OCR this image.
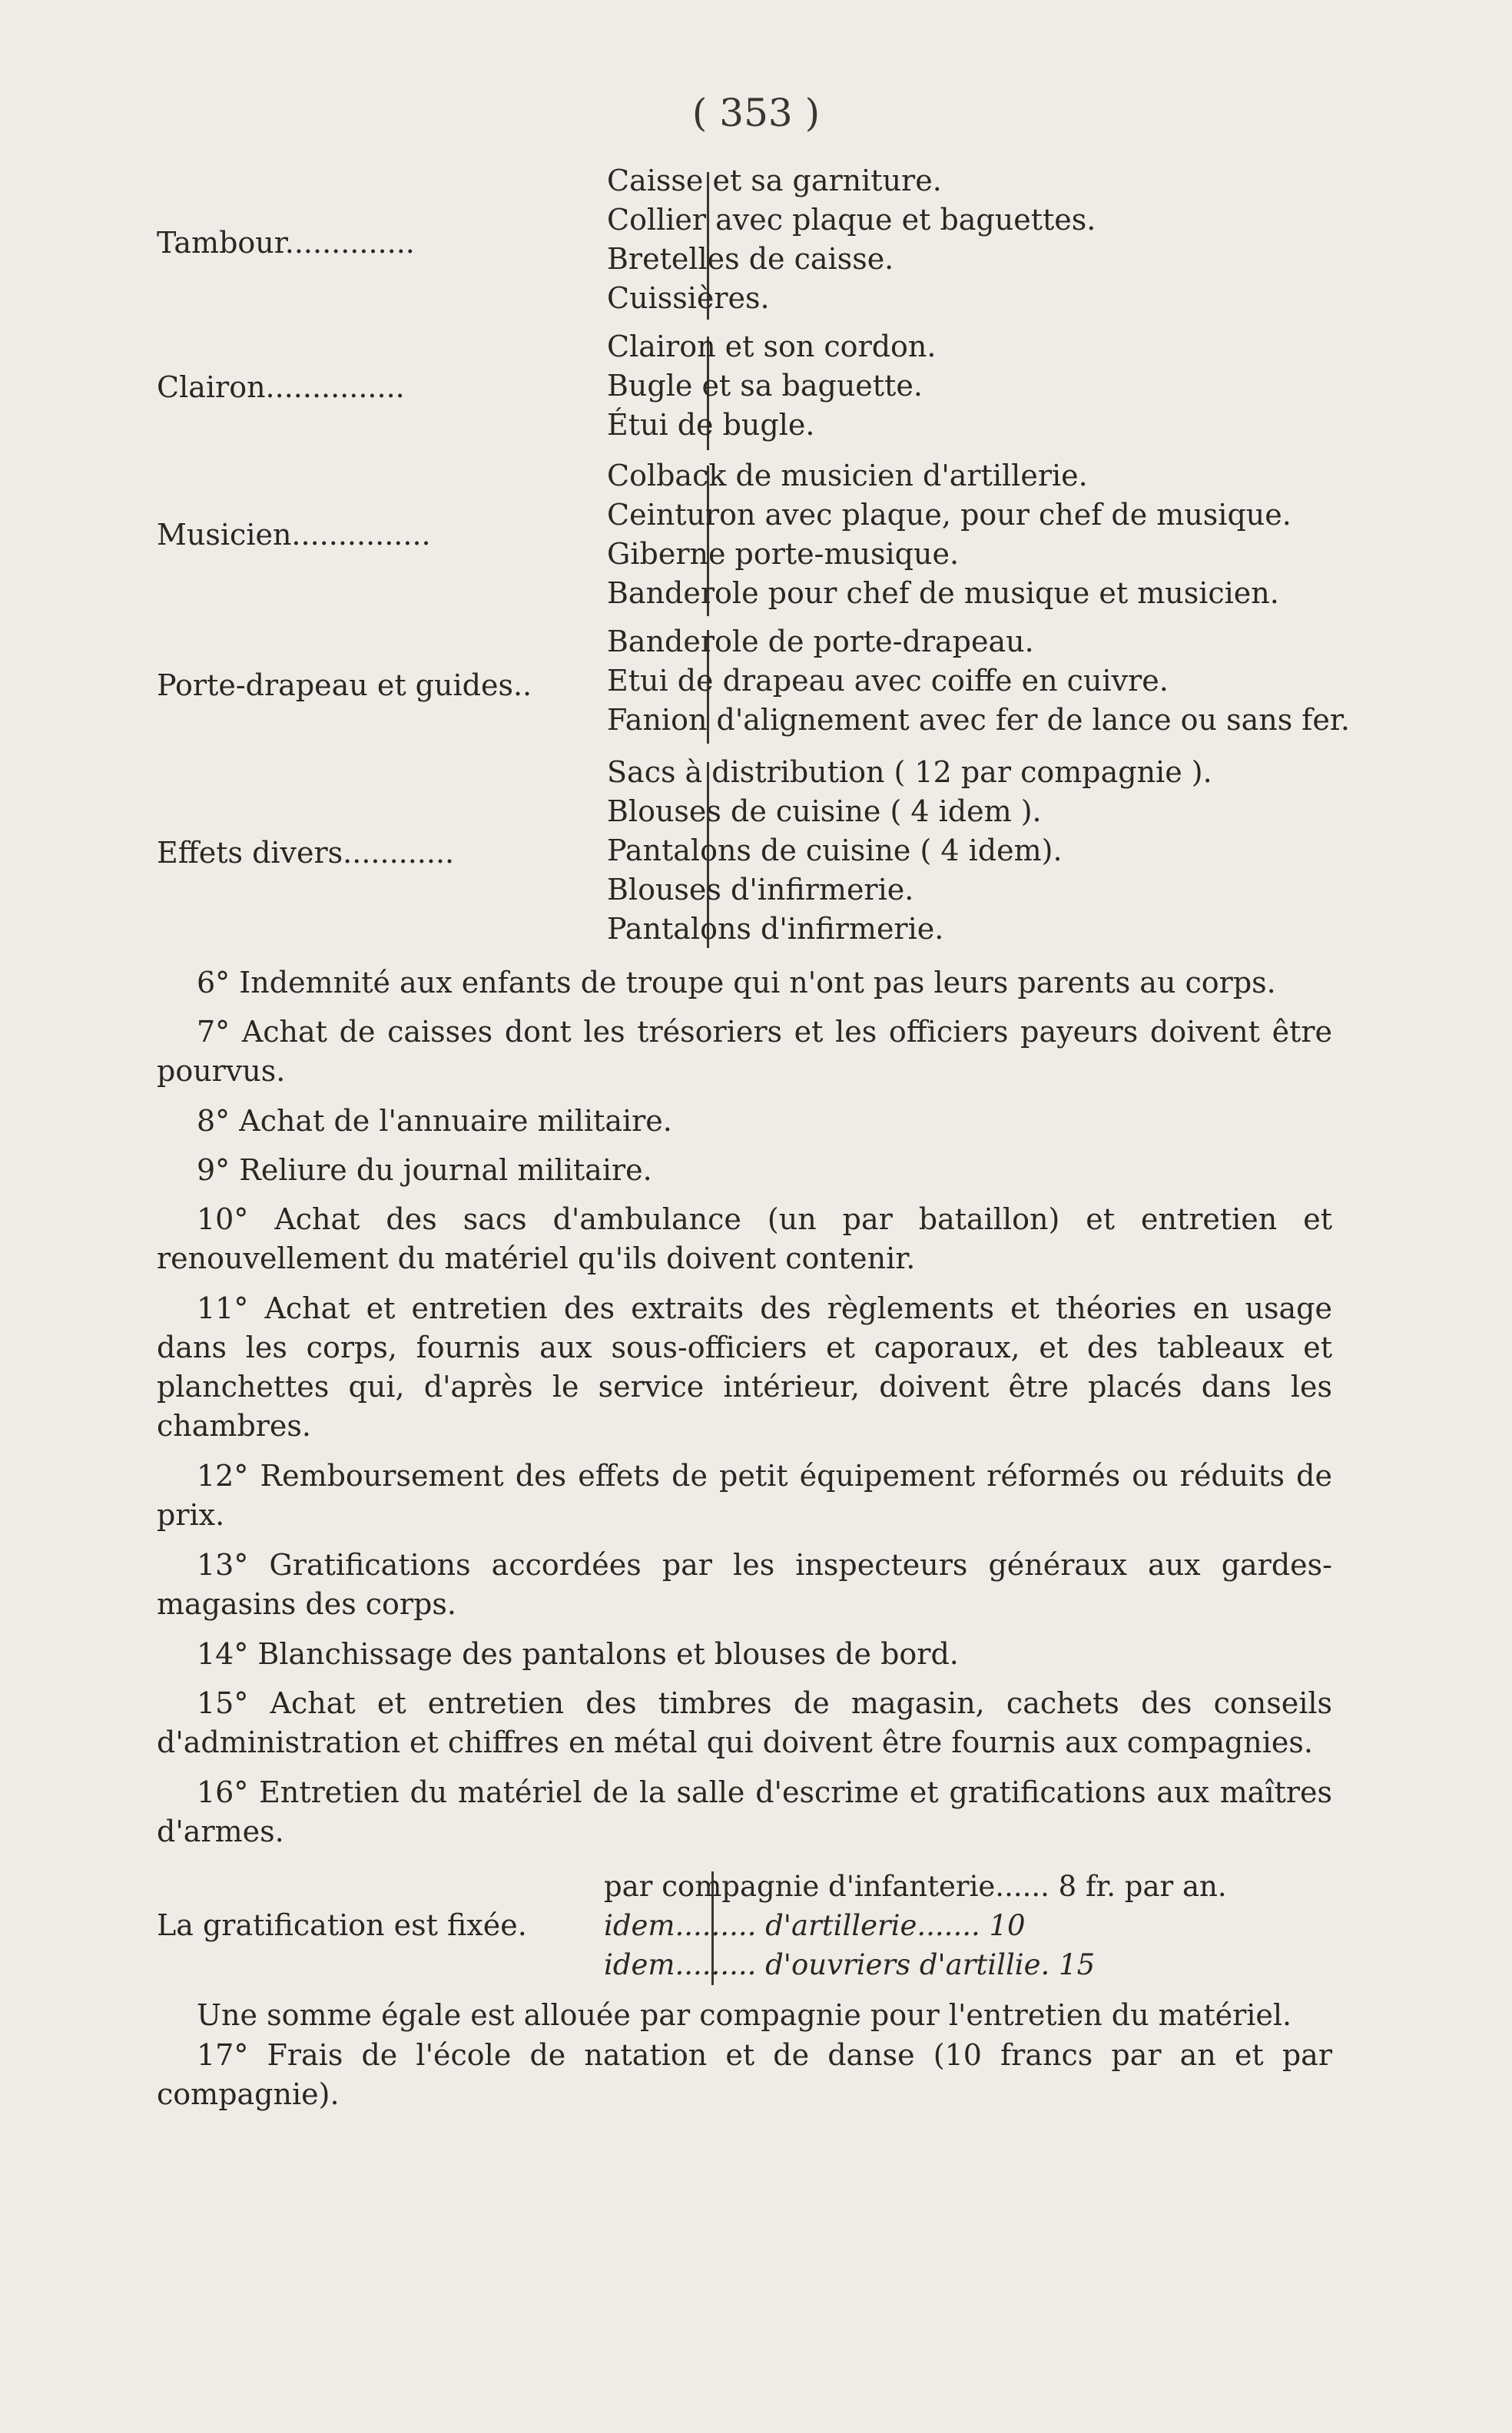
( 353 )
Tambour..............
Caisse et sa garniture.
Collier avec plaque et baguettes.
Bretelles de caisse.
Cuissières.
Clairon...............
Clairon et son cordon.
Bugle et sa baguette.
Étui de bugle.
Musicien...............
Colback de musicien d'artillerie.
Ceinturon avec plaque, pour chef de musique.
Giberne porte-musique.
Banderole pour chef de musique et musicien.
Porte-drapeau et guides..
Banderole de porte-drapeau.
Etui de drapeau avec coiffe en cuivre.
Fanion d'alignement avec fer de lance ou sans fer.
Effets divers............
Sacs à distribution ( 12 par compagnie ).
Blouses de cuisine ( 4 idem ).
Pantalons de cuisine ( 4 idem).
Blouses d'infirmerie.
Pantalons d'infirmerie.
6° Indemnité aux enfants de troupe qui n'ont pas leurs parents au corps.
7° Achat de caisses dont les trésoriers et les officiers payeurs doivent être pourvus.
8° Achat de l'annuaire militaire.
9° Reliure du journal militaire.
10° Achat des sacs d'ambulance (un par bataillon) et entretien et renouvellement du matériel qu'ils doivent contenir.
11° Achat et entretien des extraits des règlements et théories en usage dans les corps, fournis aux sous-officiers et caporaux, et des tableaux et planchettes qui, d'après le service intérieur, doivent être placés dans les chambres.
12° Remboursement des effets de petit équipement réformés ou réduits de prix.
13° Gratifications accordées par les inspecteurs généraux aux gardes-magasins des corps.
14° Blanchissage des pantalons et blouses de bord.
15° Achat et entretien des timbres de magasin, cachets des conseils d'administration et chiffres en métal qui doivent être fournis aux compagnies.
16° Entretien du matériel de la salle d'escrime et gratifications aux maîtres d'armes.
La gratification est fixée.
par compagnie d'infanterie...... 8 fr. par an.
idem......... d'artillerie....... 10
idem......... d'ouvriers d'artillie. 15
Une somme égale est allouée par compagnie pour l'entretien du matériel.
17° Frais de l'école de natation et de danse (10 francs par an et par compagnie).
